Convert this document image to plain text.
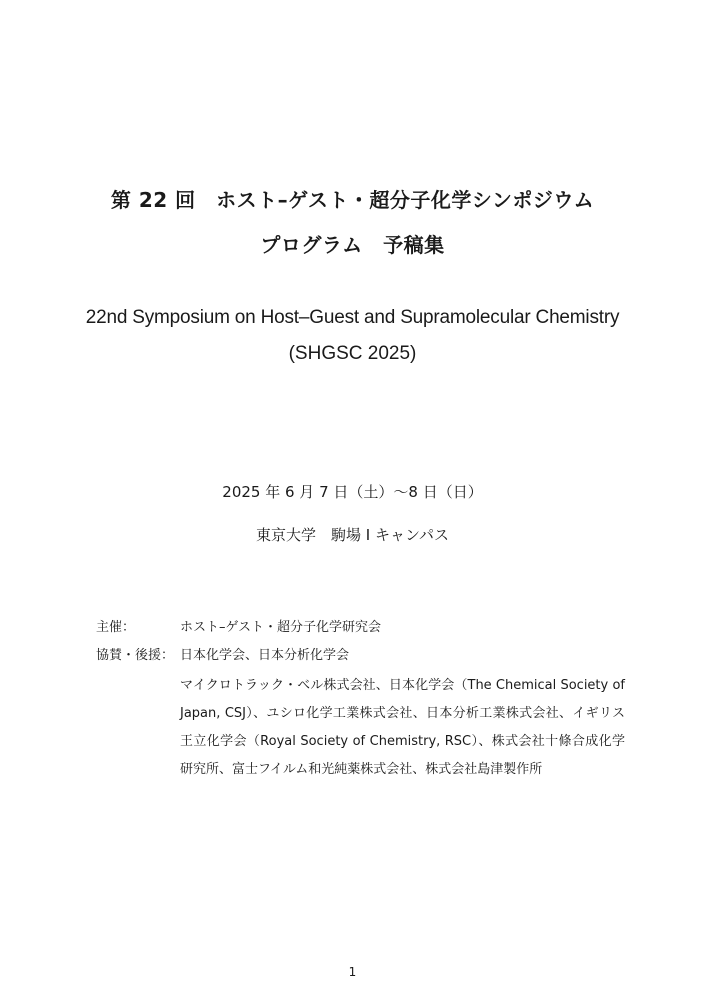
第 22 回　ホスト–ゲスト・超分子化学シンポジウム
プログラム　予稿集
22nd Symposium on Host–Guest and Supramolecular Chemistry
(SHGSC 2025)
2025 年 6 月 7 日（土）～8 日（日）
東京大学　駒場 I キャンパス
主催：	ホスト–ゲスト・超分子化学研究会
協賛・後援： 日本化学会、日本分析化学会
マイクロトラック・ベル株式会社、日本化学会（The Chemical Society of
Japan, CSJ）、ユシロ化学工業株式会社、日本分析工業株式会社、イギリス
王立化学会（Royal Society of Chemistry, RSC）、株式会社十條合成化学
研究所、富士フイルム和光純薬株式会社、株式会社島津製作所
1
